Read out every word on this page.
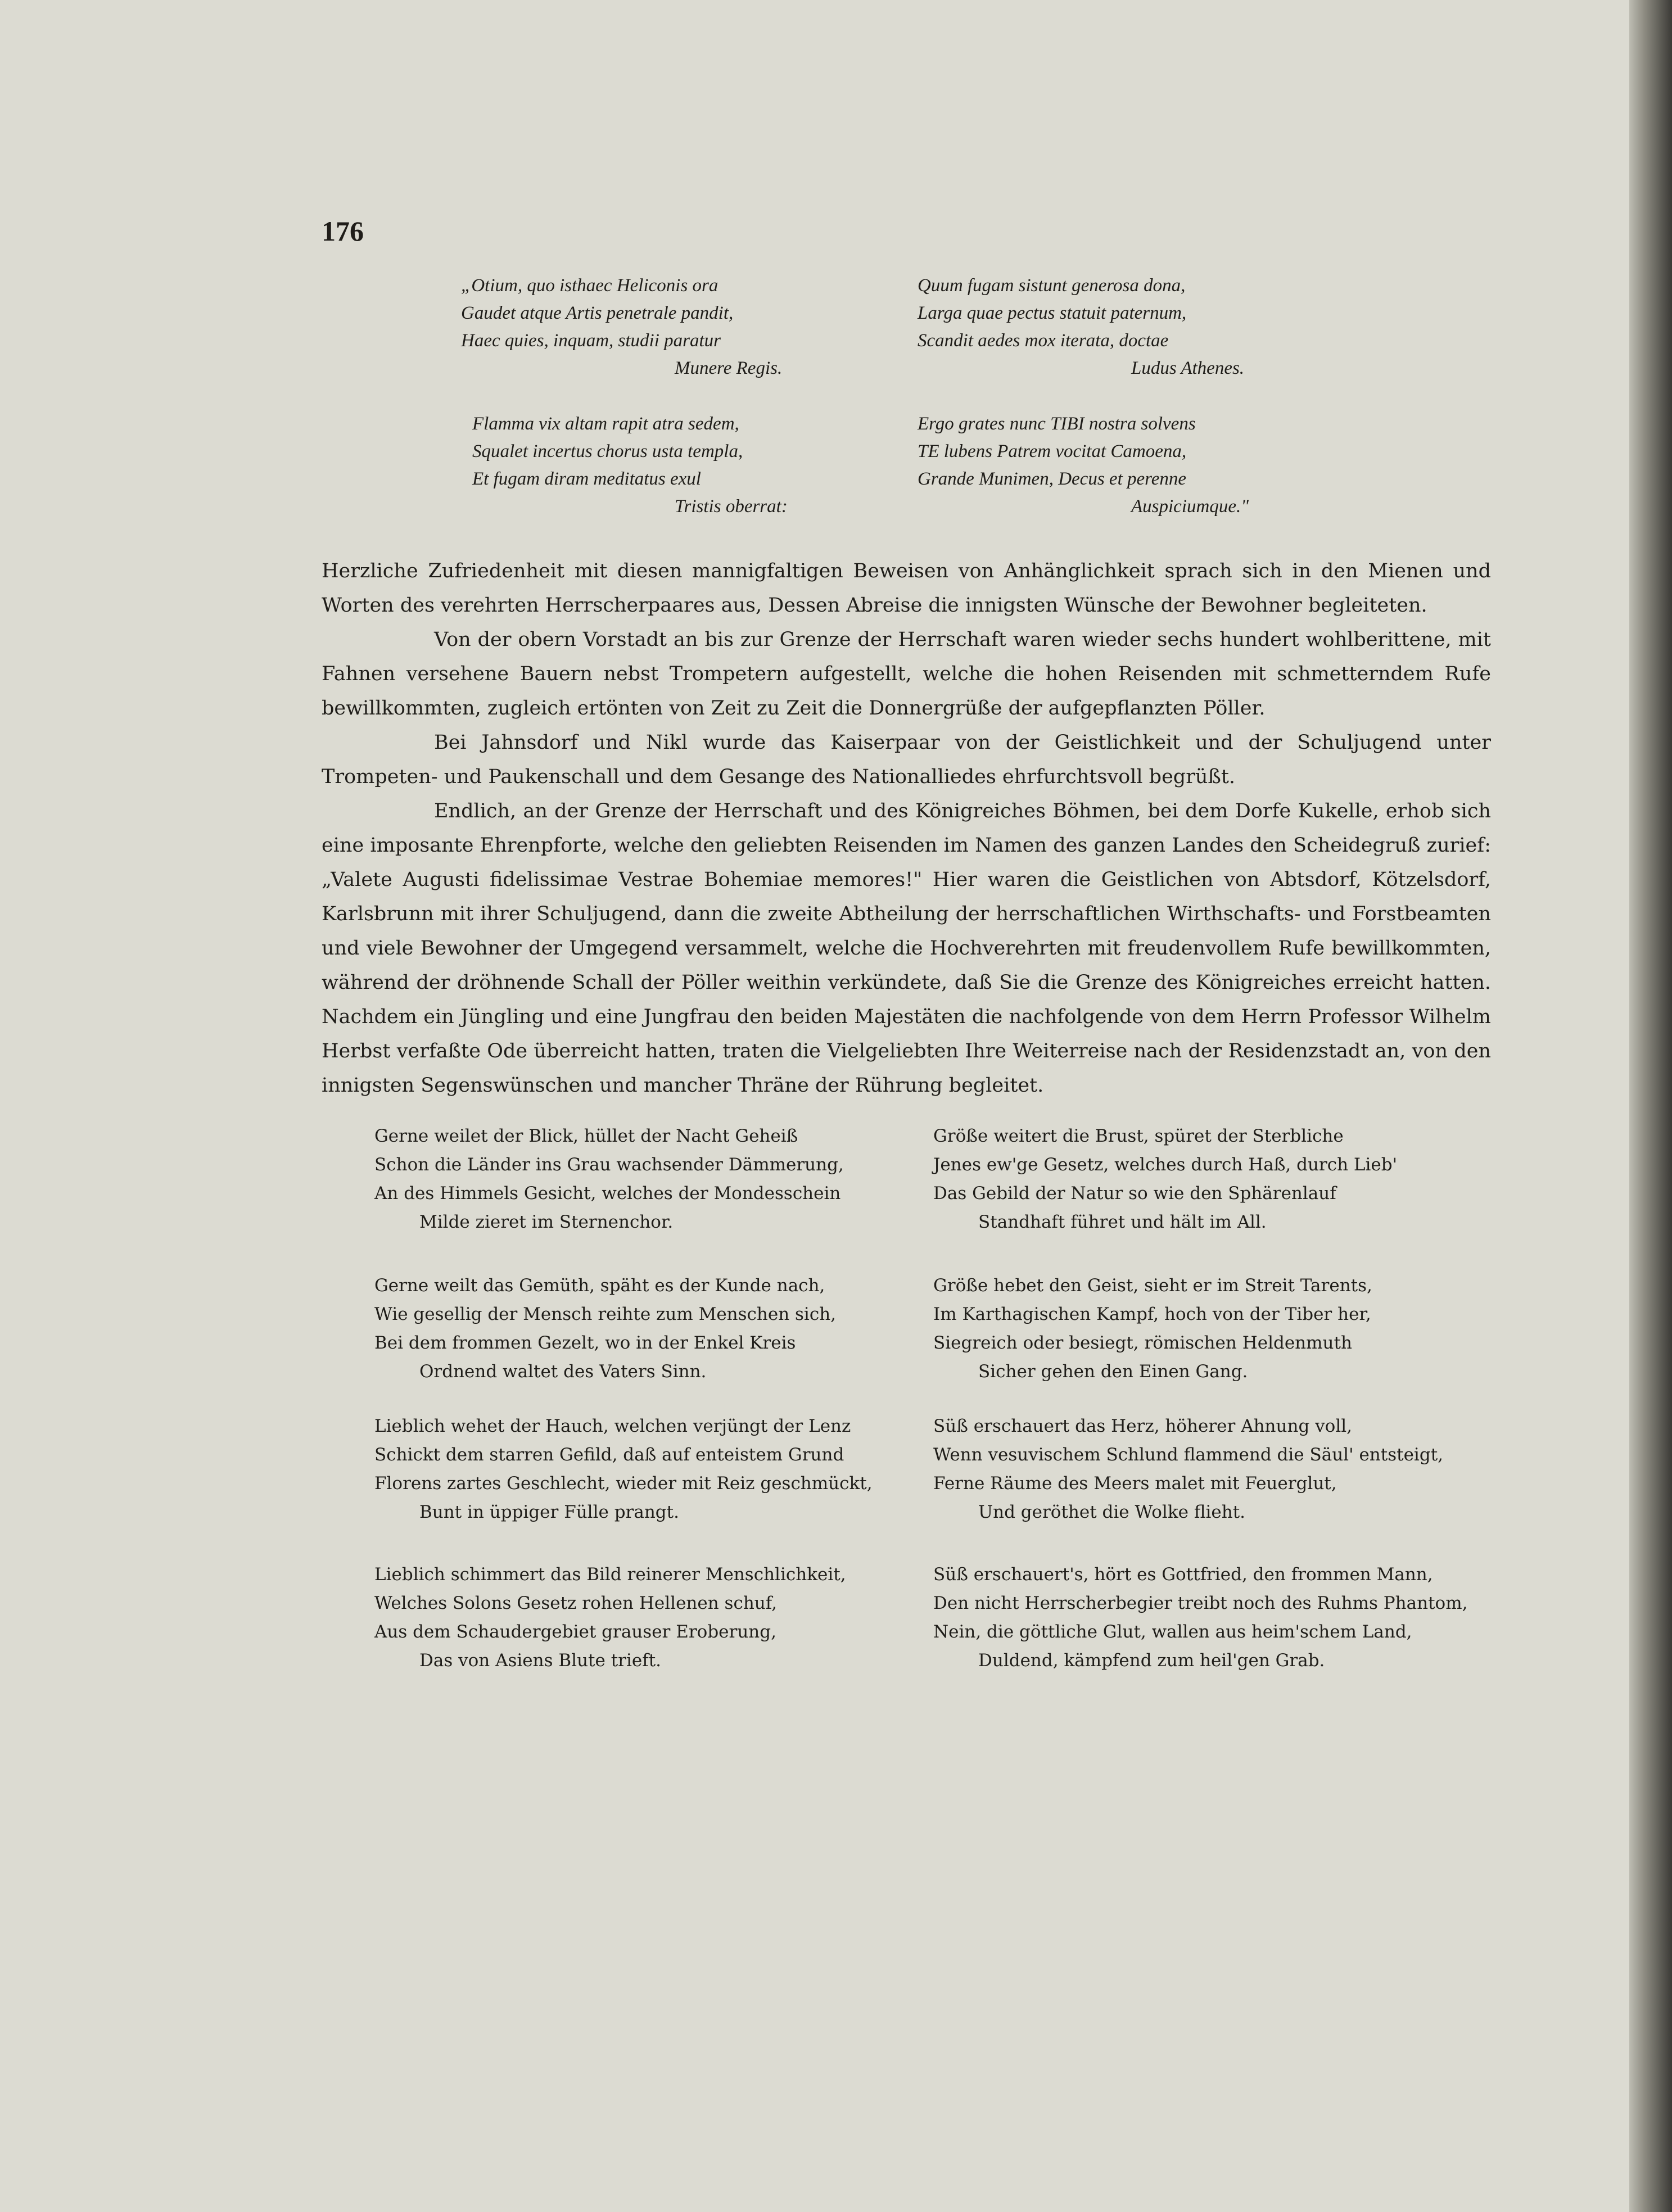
176
„Otium, quo isthaec Heliconis ora
Gaudet atque Artis penetrale pandit,
Haec quies, inquam, studii paratur
Munere Regis.
Flamma vix altam rapit atra sedem,
Squalet incertus chorus usta templa,
Et fugam diram meditatus exul
Tristis oberrat:
Quum fugam sistunt generosa dona,
Larga quae pectus statuit paternum,
Scandit aedes mox iterata, doctae
Ludus Athenes.
Ergo grates nunc TIBI nostra solvens
TE lubens Patrem vocitat Camoena,
Grande Munimen, Decus et perenne
Auspiciumque."

Herzliche Zufriedenheit mit diesen mannigfaltigen Beweisen von Anhänglichkeit sprach sich in den Mienen und Worten des verehrten Herrscherpaares aus, Dessen Abreise die innigsten Wünsche der Bewohner begleiteten.

Von der obern Vorstadt an bis zur Grenze der Herrschaft waren wieder sechs hundert wohlberittene, mit Fahnen versehene Bauern nebst Trompetern aufgestellt, welche die hohen Reisenden mit schmetterndem Rufe bewillkommten, zugleich ertönten von Zeit zu Zeit die Donnergrüße der aufgepflanzten Pöller.

Bei Jahnsdorf und Nikl wurde das Kaiserpaar von der Geistlichkeit und der Schuljugend unter Trompeten- und Paukenschall und dem Gesange des Nationalliedes ehrfurchtsvoll begrüßt.

Endlich, an der Grenze der Herrschaft und des Königreiches Böhmen, bei dem Dorfe Kukelle, erhob sich eine imposante Ehrenpforte, welche den geliebten Reisenden im Namen des ganzen Landes den Scheidegruß zurief: „Valete Augusti fidelissimae Vestrae Bohemiae memores!" Hier waren die Geistlichen von Abtsdorf, Kötzelsdorf, Karlsbrunn mit ihrer Schuljugend, dann die zweite Abtheilung der herrschaftlichen Wirthschafts- und Forstbeamten und viele Bewohner der Umgegend versammelt, welche die Hochverehrten mit freudenvollem Rufe bewillkommten, während der dröhnende Schall der Pöller weithin verkündete, daß Sie die Grenze des Königreiches erreicht hatten. Nachdem ein Jüngling und eine Jungfrau den beiden Majestäten die nachfolgende von dem Herrn Professor Wilhelm Herbst verfaßte Ode überreicht hatten, traten die Vielgeliebten Ihre Weiterreise nach der Residenzstadt an, von den innigsten Segenswünschen und mancher Thräne der Rührung begleitet.

Gerne weilet der Blick, hüllet der Nacht Geheiß
Schon die Länder ins Grau wachsender Dämmerung,
An des Himmels Gesicht, welches der Mondesschein
Milde zieret im Sternenchor.
Gerne weilt das Gemüth, späht es der Kunde nach,
Wie gesellig der Mensch reihte zum Menschen sich,
Bei dem frommen Gezelt, wo in der Enkel Kreis
Ordnend waltet des Vaters Sinn.
Lieblich wehet der Hauch, welchen verjüngt der Lenz
Schickt dem starren Gefild, daß auf enteistem Grund
Florens zartes Geschlecht, wieder mit Reiz geschmückt,
Bunt in üppiger Fülle prangt.
Lieblich schimmert das Bild reinerer Menschlichkeit,
Welches Solons Gesetz rohen Hellenen schuf,
Aus dem Schaudergebiet grauser Eroberung,
Das von Asiens Blute trieft.
Größe weitert die Brust, spüret der Sterbliche
Jenes ew'ge Gesetz, welches durch Haß, durch Lieb'
Das Gebild der Natur so wie den Sphärenlauf
Standhaft führet und hält im All.
Größe hebet den Geist, sieht er im Streit Tarents,
Im Karthagischen Kampf, hoch von der Tiber her,
Siegreich oder besiegt, römischen Heldenmuth
Sicher gehen den Einen Gang.
Süß erschauert das Herz, höherer Ahnung voll,
Wenn vesuvischem Schlund flammend die Säul' entsteigt,
Ferne Räume des Meers malet mit Feuerglut,
Und geröthet die Wolke flieht.
Süß erschauert's, hört es Gottfried, den frommen Mann,
Den nicht Herrscherbegier treibt noch des Ruhms Phantom,
Nein, die göttliche Glut, wallen aus heim'schem Land,
Duldend, kämpfend zum heil'gen Grab.
